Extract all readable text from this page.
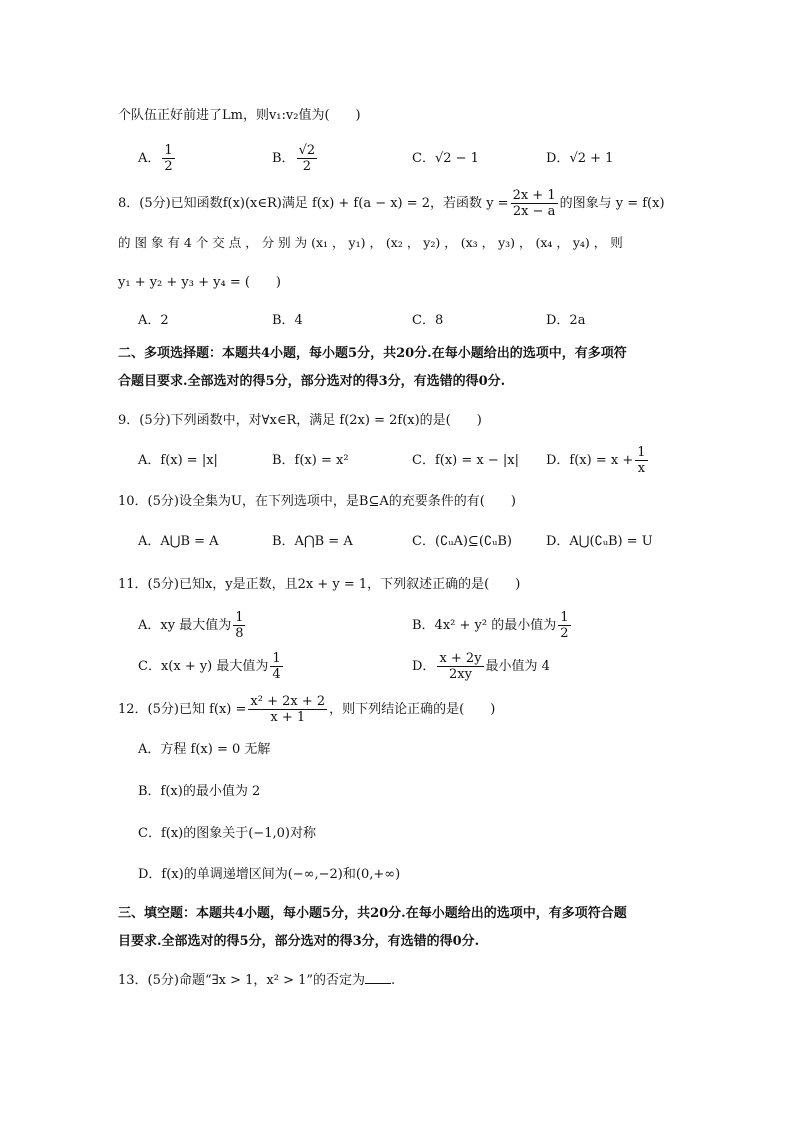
个队伍正好前进了Lm，则v₁:v₂值为(　　)
A． $\frac{1}{2}$	B． $\frac{√2}{2}$	C．√2 − 1	D．√2 + 1
8．(5分)已知函数f(x)(x∈R)满足 f(x) + f(a − x) = 2，若函数 $y = \frac{2x + 1}{2x - a}$ 的图象与 y = f(x)
的 图 象 有 4 个 交 点 ， 分 别 为 (x₁ ， y₁) ， (x₂ ， y₂) ， (x₃ ， y₃) ， (x₄ ， y₄) ， 则
y₁ + y₂ + y₃ + y₄ = (　　)
A．2	B．4	C．8	D．2a
二、多项选择题：本题共4小题，每小题5分，共20分.在每小题给出的选项中，有多项符
合题目要求.全部选对的得5分，部分选对的得3分，有选错的得0分.
9．(5分)下列函数中，对∀x∈R，满足 f(2x) = 2f(x)的是(　　)
A．f(x) = |x|	B．f(x) = x²	C．f(x) = x − |x| D．$f(x) = x + \frac{1}{x}$
10．(5分)设全集为U，在下列选项中，是B⊆A的充要条件的有(　　)
A．A⋃B = A	B．A⋂B = A	C．(∁ᵤA)⊆(∁ᵤB)	D．A⋃(∁ᵤB) = U
11．(5分)已知x，y是正数，且2x + y = 1，下列叙述正确的是(　　)
A．xy 最大值为 $\frac{1}{8}$	B．4x² + y² 的最小值为 $\frac{1}{2}$
C．x(x + y) 最大值为 $\frac{1}{4}$	D． $\frac{x + 2y}{2xy}$ 最小值为 4
12．(5分)已知 $f(x) = \frac{\text{x² + 2x + 2}}{x + 1}$ ，则下列结论正确的是(　　)
A．方程 f(x) = 0 无解
B．f(x)的最小值为 2
C．f(x)的图象关于(−1,0)对称
D．f(x)的单调递增区间为(−∞,−2)和(0,+∞)
三、填空题：本题共4小题，每小题5分，共20分.在每小题给出的选项中，有多项符合题
目要求.全部选对的得5分，部分选对的得3分，有选错的得0分.
13．(5分)命题“∃x > 1，x² > 1”的否定为 .
